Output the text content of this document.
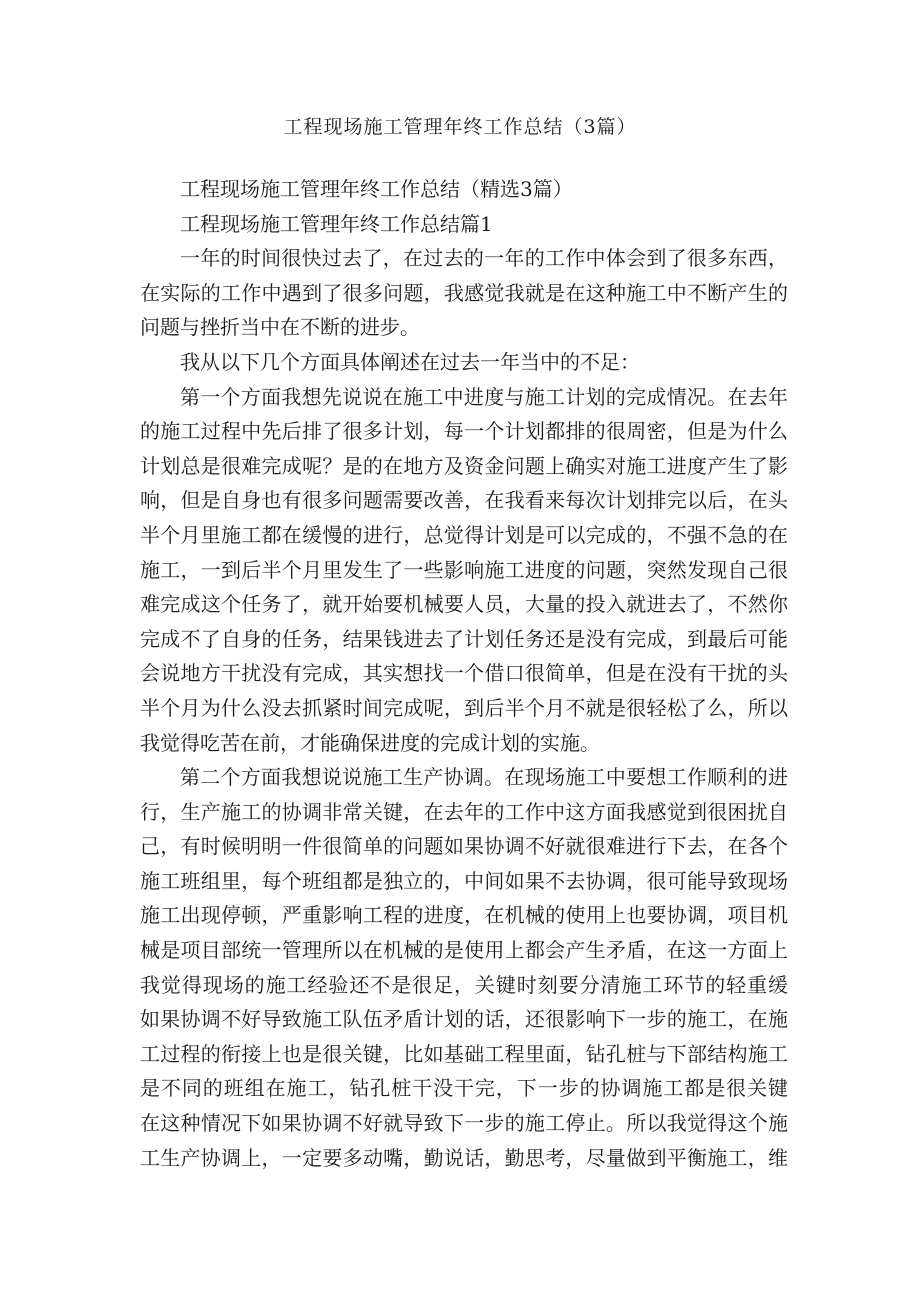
工程现场施工管理年终工作总结（3篇）
工程现场施工管理年终工作总结（精选3篇）
工程现场施工管理年终工作总结篇1
一年的时间很快过去了，在过去的一年的工作中体会到了很多东西，
在实际的工作中遇到了很多问题，我感觉我就是在这种施工中不断产生的
问题与挫折当中在不断的进步。
我从以下几个方面具体阐述在过去一年当中的不足：
第一个方面我想先说说在施工中进度与施工计划的完成情况。在去年
的施工过程中先后排了很多计划，每一个计划都排的很周密，但是为什么
计划总是很难完成呢？是的在地方及资金问题上确实对施工进度产生了影
响，但是自身也有很多问题需要改善，在我看来每次计划排完以后，在头
半个月里施工都在缓慢的进行，总觉得计划是可以完成的，不强不急的在
施工，一到后半个月里发生了一些影响施工进度的问题，突然发现自己很
难完成这个任务了，就开始要机械要人员，大量的投入就进去了，不然你
完成不了自身的任务，结果钱进去了计划任务还是没有完成，到最后可能
会说地方干扰没有完成，其实想找一个借口很简单，但是在没有干扰的头
半个月为什么没去抓紧时间完成呢，到后半个月不就是很轻松了么，所以
我觉得吃苦在前，才能确保进度的完成计划的实施。
第二个方面我想说说施工生产协调。在现场施工中要想工作顺利的进
行，生产施工的协调非常关键，在去年的工作中这方面我感觉到很困扰自
己，有时候明明一件很简单的问题如果协调不好就很难进行下去，在各个
施工班组里，每个班组都是独立的，中间如果不去协调，很可能导致现场
施工出现停顿，严重影响工程的进度，在机械的使用上也要协调，项目机
械是项目部统一管理所以在机械的是使用上都会产生矛盾，在这一方面上
我觉得现场的施工经验还不是很足，关键时刻要分清施工环节的轻重缓
如果协调不好导致施工队伍矛盾计划的话，还很影响下一步的施工，在施
工过程的衔接上也是很关键，比如基础工程里面，钻孔桩与下部结构施工
是不同的班组在施工，钻孔桩干没干完，下一步的协调施工都是很关键
在这种情况下如果协调不好就导致下一步的施工停止。所以我觉得这个施
工生产协调上，一定要多动嘴，勤说话，勤思考，尽量做到平衡施工，维
